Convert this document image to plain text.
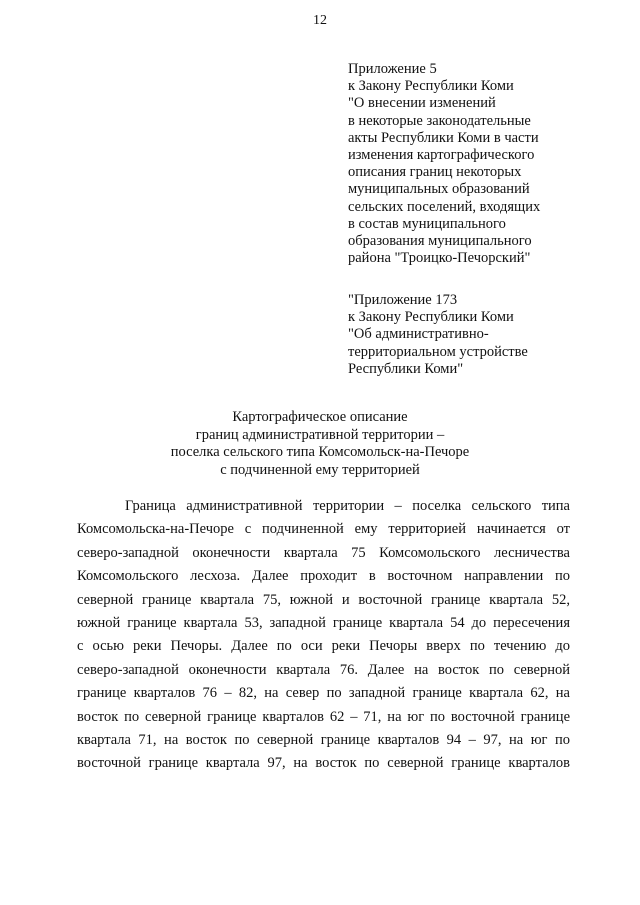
12
Приложение 5
к Закону Республики Коми
"О внесении изменений
в некоторые законодательные
акты Республики Коми в части
изменения картографического
описания границ некоторых
муниципальных образований
сельских поселений, входящих
в состав муниципального
образования муниципального
района "Троицко-Печорский"
"Приложение 173
к Закону Республики Коми
"Об административно-
территориальном устройстве
Республики Коми"
Картографическое описание
границ административной территории –
поселка сельского типа Комсомольск-на-Печоре
с подчиненной ему территорией
Граница административной территории – поселка сельского типа
Комсомольска-на-Печоре с подчиненной ему территорией начинается от
северо-западной оконечности квартала 75 Комсомольского лесничества
Комсомольского лесхоза. Далее проходит в восточном направлении по
северной границе квартала 75, южной и восточной границе квартала 52,
южной границе квартала 53, западной границе квартала 54 до пересечения
с осью реки Печоры. Далее по оси реки Печоры вверх по течению до
северо-западной оконечности квартала 76. Далее на восток по северной
границе кварталов 76 – 82, на север по западной границе квартала 62, на
восток по северной границе кварталов 62 – 71, на юг по восточной границе
квартала 71, на восток по северной границе кварталов 94 – 97, на юг по
восточной границе квартала 97, на восток по северной границе кварталов
